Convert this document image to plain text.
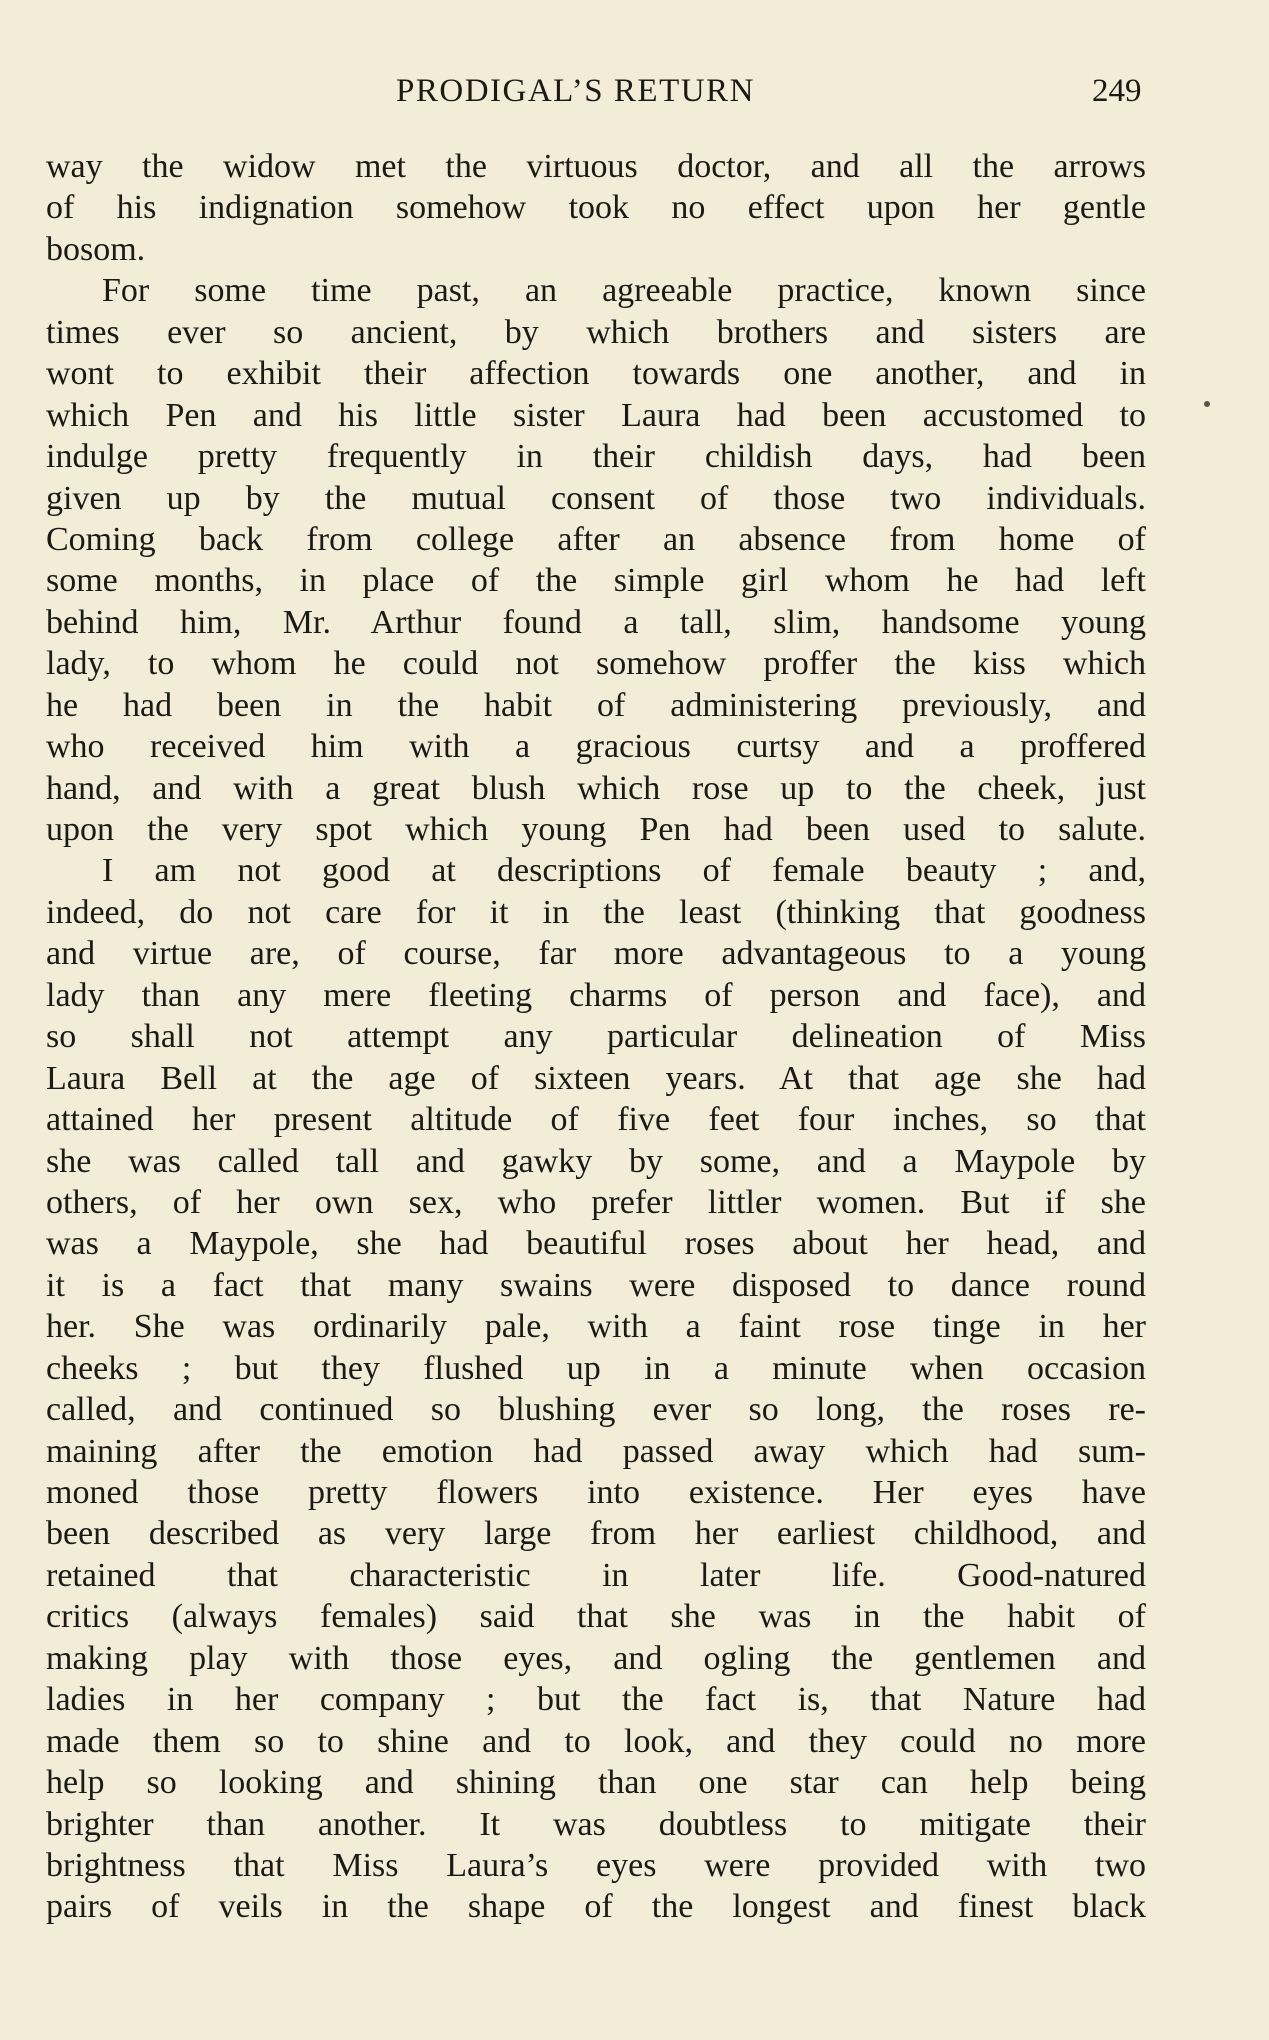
PRODIGAL’S RETURN	249
way the widow met the virtuous doctor, and all the arrows
of his indignation somehow took no effect upon her gentle
bosom.
For some time past, an agreeable practice, known since
times ever so ancient, by which brothers and sisters are
wont to exhibit their affection towards one another, and in
which Pen and his little sister Laura had been accustomed to
indulge pretty frequently in their childish days, had been
given up by the mutual consent of those two individuals.
Coming back from college after an absence from home of
some months, in place of the simple girl whom he had left
behind him, Mr. Arthur found a tall, slim, handsome young
lady, to whom he could not somehow proffer the kiss which
he had been in the habit of administering previously, and
who received him with a gracious curtsy and a proffered
hand, and with a great blush which rose up to the cheek, just
upon the very spot which young Pen had been used to salute.
I am not good at descriptions of female beauty ; and,
indeed, do not care for it in the least (thinking that goodness
and virtue are, of course, far more advantageous to a young
lady than any mere fleeting charms of person and face), and
so shall not attempt any particular delineation of Miss
Laura Bell at the age of sixteen years. At that age she had
attained her present altitude of five feet four inches, so that
she was called tall and gawky by some, and a Maypole by
others, of her own sex, who prefer littler women. But if she
was a Maypole, she had beautiful roses about her head, and
it is a fact that many swains were disposed to dance round
her. She was ordinarily pale, with a faint rose tinge in her
cheeks ; but they flushed up in a minute when occasion
called, and continued so blushing ever so long, the roses re-
maining after the emotion had passed away which had sum-
moned those pretty flowers into existence. Her eyes have
been described as very large from her earliest childhood, and
retained that characteristic in later life. Good-natured
critics (always females) said that she was in the habit of
making play with those eyes, and ogling the gentlemen and
ladies in her company ; but the fact is, that Nature had
made them so to shine and to look, and they could no more
help so looking and shining than one star can help being
brighter than another. It was doubtless to mitigate their
brightness that Miss Laura’s eyes were provided with two
pairs of veils in the shape of the longest and finest black
